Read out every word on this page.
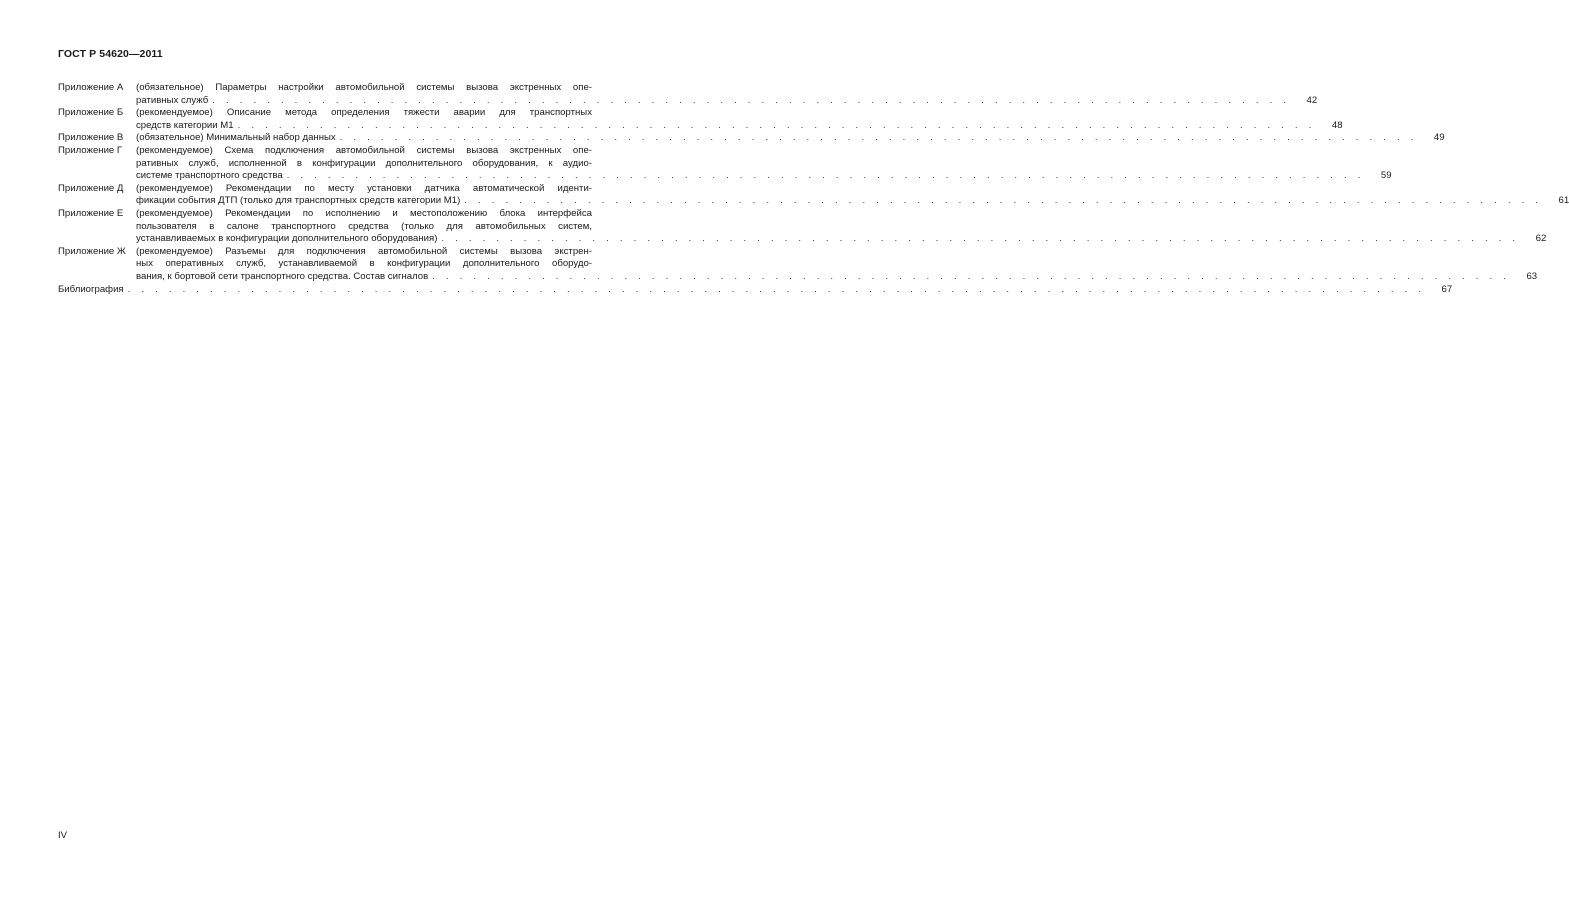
ГОСТ Р 54620—2011
Приложение А	(обязательное) Параметры настройки автомобильной системы вызова экстренных опе-
ративных служб . . . . . . . . . . . . . . . . . . . . . . . . . . . . . . . . . . . . . . . . . . . . . . . . . . . . . . . . . . . . . . . . . . . . . . . . . . . . . . .	42
Приложение Б	(рекомендуемое) Описание метода определения тяжести аварии для транспортных
средств категории М1 . . . . . . . . . . . . . . . . . . . . . . . . . . . . . . . . . . . . . . . . . . . . . . . . . . . . . . . . . . . . . . . . . . . . . . . . . . . . . . .	48
Приложение В	(обязательное) Минимальный набор данных . . . . . . . . . . . . . . . . . . . . . . . . . . . . . . . . . . . . . . . . . . . . . . . . . . . . . . . . . . . . . . . . . . . . . . . . . . . . . . .	49
Приложение Г	(рекомендуемое) Схема подключения автомобильной системы вызова экстренных опе-
ративных служб, исполненной в конфигурации дополнительного оборудования, к аудио-
системе транспортного средства . . . . . . . . . . . . . . . . . . . . . . . . . . . . . . . . . . . . . . . . . . . . . . . . . . . . . . . . . . . . . . . . . . . . . . . . . . . . . . .	59
Приложение Д	(рекомендуемое) Рекомендации по месту установки датчика автоматической иденти-
фикации события ДТП (только для транспортных средств категории М1) . . . . . . . . . . . . . . . . . . . . . . . . . . . . . . . . . . . . . . . . . . . . . . . . . . . . . . . . . . . . . . . . . . . . . . . . . . . . . . .	61
Приложение Е	(рекомендуемое) Рекомендации по исполнению и местоположению блока интерфейса
пользователя в салоне транспортного средства (только для автомобильных систем,
устанавливаемых в конфигурации дополнительного оборудования) . . . . . . . . . . . . . . . . . . . . . . . . . . . . . . . . . . . . . . . . . . . . . . . . . . . . . . . . . . . . . . . . . . . . . . . . . . . . . . .	62
Приложение Ж	(рекомендуемое) Разъемы для подключения автомобильной системы вызова экстрен-
ных оперативных служб, устанавливаемой в конфигурации дополнительного оборудо-
вания, к бортовой сети транспортного средства. Состав сигналов . . . . . . . . . . . . . . . . . . . . . . . . . . . . . . . . . . . . . . . . . . . . . . . . . . . . . . . . . . . . . . . . . . . . . . . . . . . . . . .	63
Библиография . . . . . . . . . . . . . . . . . . . . . . . . . . . . . . . . . . . . . . . . . . . . . . . . . . . . . . . . . . . . . . . . . . . . . . . . . . . . . . . . . . . . . . . . . . . . . . .	67
IV
